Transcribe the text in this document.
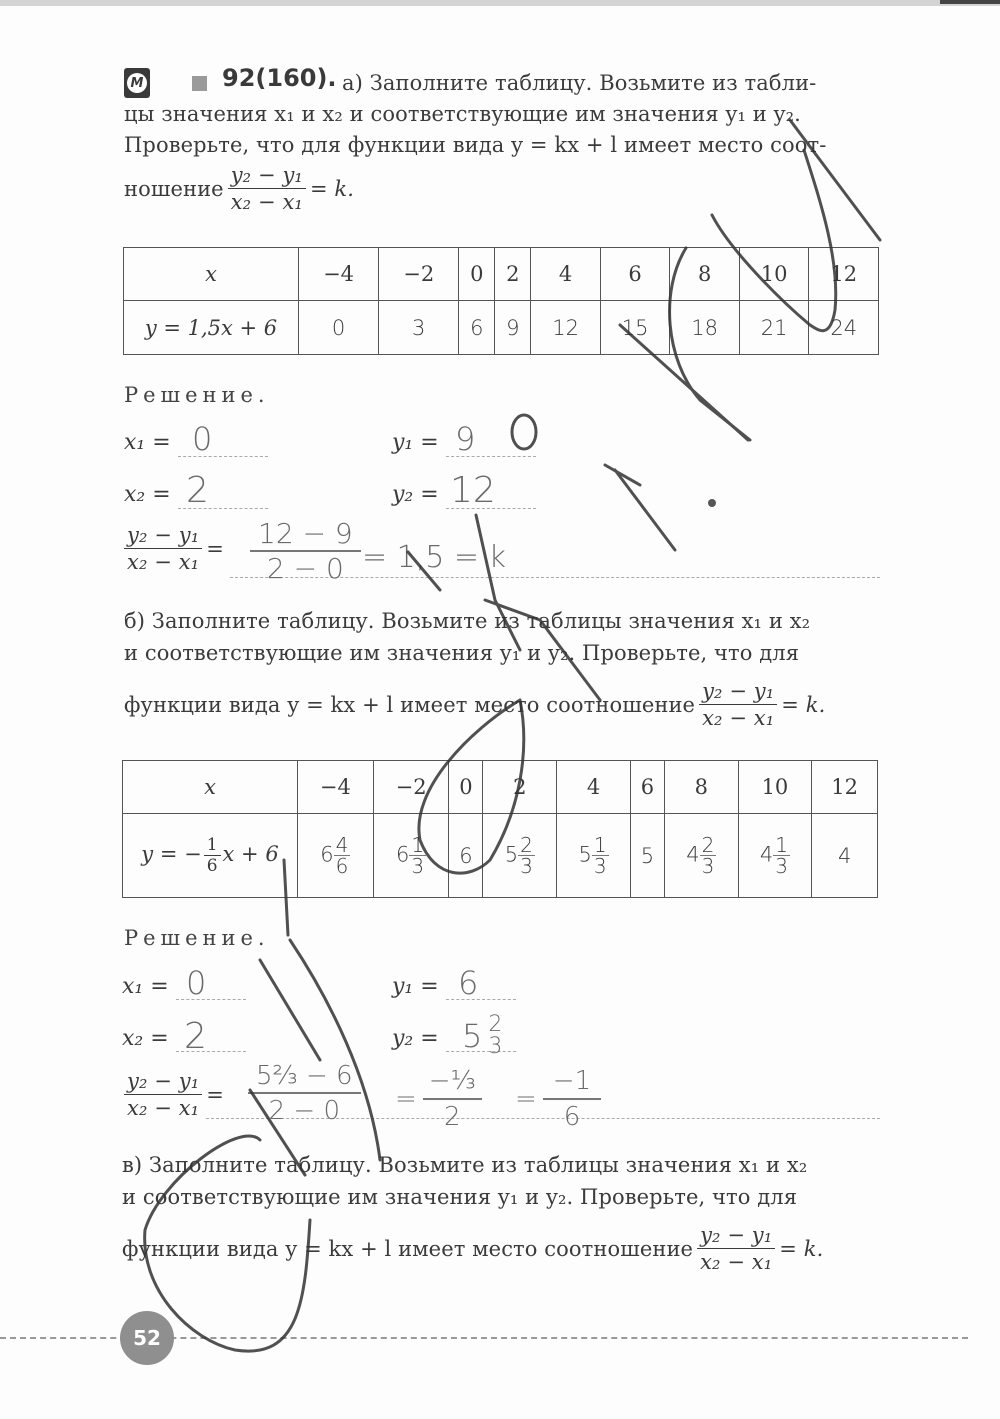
M	92(160). а) Заполните таблицу. Возьмите из табли-
цы значения x₁ и x₂ и соответствующие им значения y₁ и y₂.
Проверьте, что для функции вида y = kx + l имеет место соот-
ношение $\frac{\text{y₂ − y₁}}{\text{x₂ − x₁}} = k$.
x	−4	−2	0	2	4	6	8	10	12
y = 1,5x + 6	0	3	6	9	12	15	18	21	24
Решение.
x₁ = 0	y₁ = 9
x₂ = 2	y₂ = 12
$\frac{\text{y₂ − y₁}}{\text{x₂ − x₁}} = 12 - 9$
2 − 0 = 1,5 = k
б) Заполните таблицу. Возьмите из таблицы значения x₁ и x₂
и соответствующие им значения y₁ и y₂. Проверьте, что для
функции вида y = kx + l имеет место соотношение $\frac{\text{y₂ − y₁}}{\text{x₂ − x₁}} = k$.
x	−4	−2	0	2	4	6	8	10	12
y = − $\frac{1}{6}$ x + 6	$6 \frac{4}{6}$	$6 \frac{1}{3}$	6	$5 \frac{2}{3}$	$5 \frac{1}{3}$	5	$4 \frac{2}{3}$	$4 \frac{1}{3}$	4
Решение.
x₁ = 0	y₁ = 6
x₂ = 2	y₂ = 5 2
3
$\frac{\text{y₂ − y₁}}{\text{x₂ − x₁}}$ =
5⅔ − 6
2 − 0 =
−⅓
2
= $\frac{-1}{6}$
в) Заполните таблицу. Возьмите из таблицы значения x₁ и x₂
и соответствующие им значения y₁ и y₂. Проверьте, что для
функции вида y = kx + l имеет место соотношение $\frac{\text{y₂ − y₁}}{\text{x₂ − x₁}} = k$.
52
